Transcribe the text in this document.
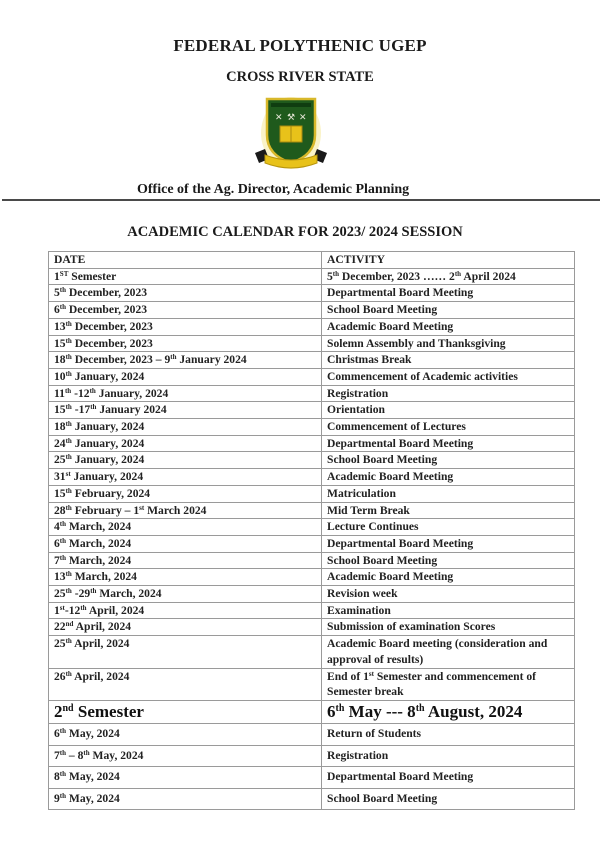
FEDERAL POLYTHENIC UGEP
CROSS RIVER STATE
✕ ⚒ ✕
Office of the Ag. Director, Academic Planning
ACADEMIC CALENDAR FOR 2023/ 2024 SESSION
DATE	ACTIVITY
1ST Semester	5th December, 2023 …… 2th April 2024
5th December, 2023	Departmental Board Meeting
6th December, 2023	School Board Meeting
13th December, 2023	Academic Board Meeting
15th December, 2023	Solemn Assembly and Thanksgiving
18th December, 2023 – 9th January 2024	Christmas Break
10th January, 2024	Commencement of Academic activities
11th -12th January, 2024	Registration
15th -17th January 2024	Orientation
18th January, 2024	Commencement of Lectures
24th January, 2024	Departmental Board Meeting
25th January, 2024	School Board Meeting
31st January, 2024	Academic Board Meeting
15th February, 2024	Matriculation
28th February – 1st March 2024	Mid Term Break
4th March, 2024	Lecture Continues
6th March, 2024	Departmental Board Meeting
7th March, 2024	School Board Meeting
13th March, 2024	Academic Board Meeting
25th -29th March, 2024	Revision week
1st-12th April, 2024	Examination
22nd April, 2024	Submission of examination Scores
25th April, 2024	Academic Board meeting (consideration and approval of results)
26th April, 2024	End of 1st Semester and commencement of Semester break
2nd Semester	6th May --- 8th August, 2024
6th May, 2024	Return of Students
7th – 8th May, 2024	Registration
8th May, 2024	Departmental Board Meeting
9th May, 2024	School Board Meeting
